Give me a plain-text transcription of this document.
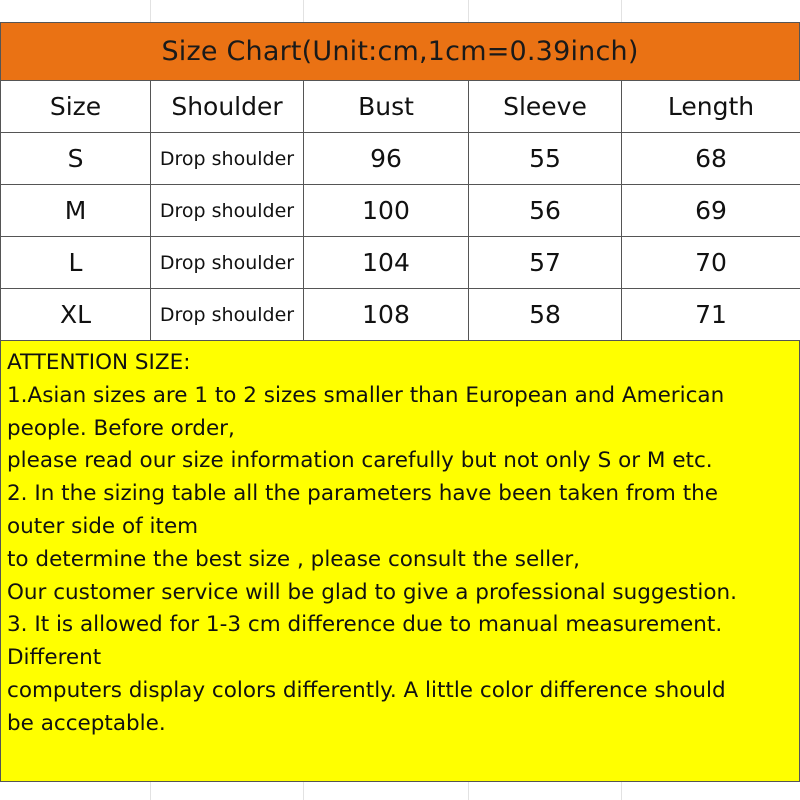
Size Chart(Unit:cm,1cm=0.39inch)
Size	Shoulder	Bust	Sleeve	Length
S	Drop shoulder	96	55	68
M	Drop shoulder	100	56	69
L	Drop shoulder	104	57	70
XL	Drop shoulder	108	58	71

ATTENTION SIZE:

1.Asian sizes are 1 to 2 sizes smaller than European and American

people. Before order,

please read our size information carefully but not only S or M etc.

2. In the sizing table all the parameters have been taken from the

outer side of item

to determine the best size , please consult the seller,

Our customer service will be glad to give a professional suggestion.

3. It is allowed for 1-3 cm difference due to manual measurement.

Different

computers display colors differently. A little color difference should

be acceptable.
